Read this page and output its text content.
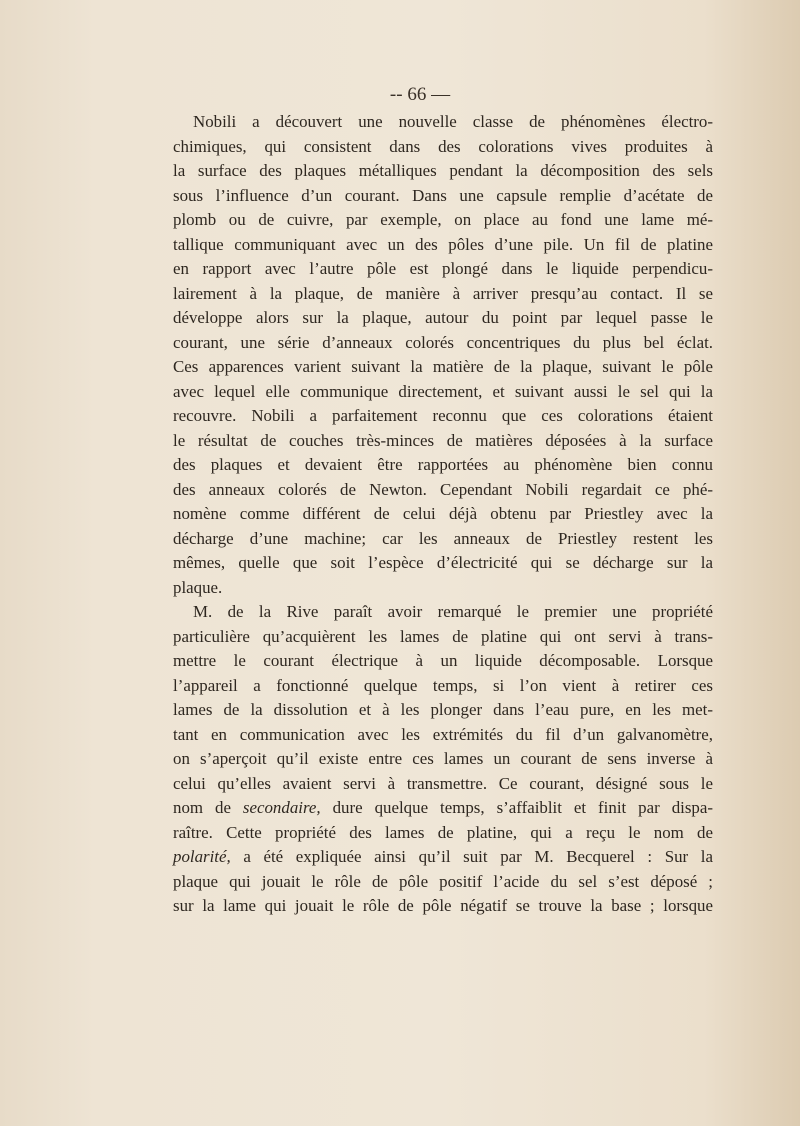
-- 66 —
Nobili a découvert une nouvelle classe de phénomènes électro-
chimiques, qui consistent dans des colorations vives produites à
la surface des plaques métalliques pendant la décomposition des sels
sous l’influence d’un courant. Dans une capsule remplie d’acétate de
plomb ou de cuivre, par exemple, on place au fond une lame mé-
tallique communiquant avec un des pôles d’une pile. Un fil de platine
en rapport avec l’autre pôle est plongé dans le liquide perpendicu-
lairement à la plaque, de manière à arriver presqu’au contact. Il se
développe alors sur la plaque, autour du point par lequel passe le
courant, une série d’anneaux colorés concentriques du plus bel éclat.
Ces apparences varient suivant la matière de la plaque, suivant le pôle
avec lequel elle communique directement, et suivant aussi le sel qui la
recouvre. Nobili a parfaitement reconnu que ces colorations étaient
le résultat de couches très-minces de matières déposées à la surface
des plaques et devaient être rapportées au phénomène bien connu
des anneaux colorés de Newton. Cependant Nobili regardait ce phé-
nomène comme différent de celui déjà obtenu par Priestley avec la
décharge d’une machine; car les anneaux de Priestley restent les
mêmes, quelle que soit l’espèce d’électricité qui se décharge sur la
plaque.
M. de la Rive paraît avoir remarqué le premier une propriété
particulière qu’acquièrent les lames de platine qui ont servi à trans-
mettre le courant électrique à un liquide décomposable. Lorsque
l’appareil a fonctionné quelque temps, si l’on vient à retirer ces
lames de la dissolution et à les plonger dans l’eau pure, en les met-
tant en communication avec les extrémités du fil d’un galvanomètre,
on s’aperçoit qu’il existe entre ces lames un courant de sens inverse à
celui qu’elles avaient servi à transmettre. Ce courant, désigné sous le
nom de secondaire, dure quelque temps, s’affaiblit et finit par dispa-
raître. Cette propriété des lames de platine, qui a reçu le nom de
polarité, a été expliquée ainsi qu’il suit par M. Becquerel : Sur la
plaque qui jouait le rôle de pôle positif l’acide du sel s’est déposé ;
sur la lame qui jouait le rôle de pôle négatif se trouve la base ; lorsque
